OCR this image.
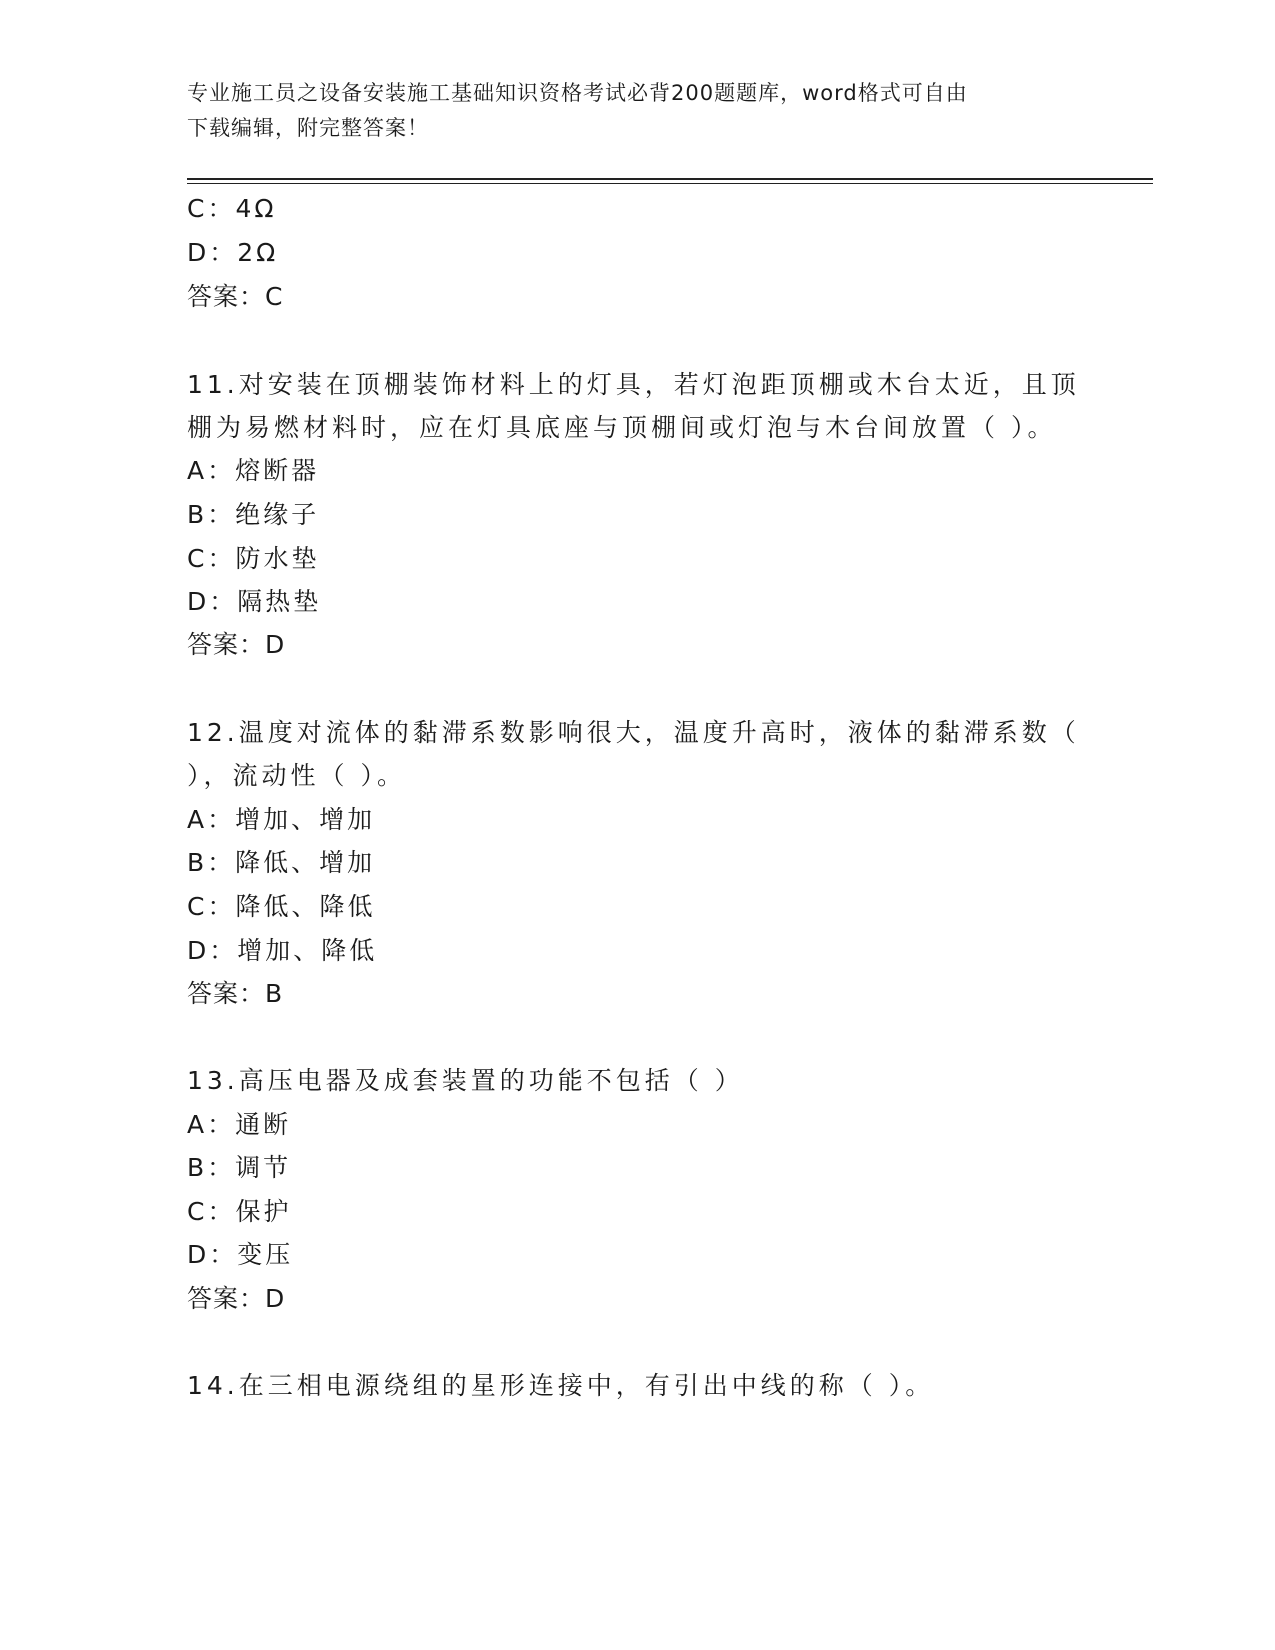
专业施工员之设备安装施工基础知识资格考试必背200题题库，word格式可自由
下载编辑，附完整答案！
C：4Ω
D：2Ω
答案：C
11.对安装在顶棚装饰材料上的灯具，若灯泡距顶棚或木台太近，且顶
棚为易燃材料时，应在灯具底座与顶棚间或灯泡与木台间放置（ ）。
A：熔断器
B：绝缘子
C：防水垫
D：隔热垫
答案：D
12.温度对流体的黏滞系数影响很大，温度升高时，液体的黏滞系数（
），流动性（ ）。
A：增加、增加
B：降低、增加
C：降低、降低
D：增加、降低
答案：B
13.高压电器及成套装置的功能不包括（ ）
A：通断
B：调节
C：保护
D：变压
答案：D
14.在三相电源绕组的星形连接中，有引出中线的称（ ）。
